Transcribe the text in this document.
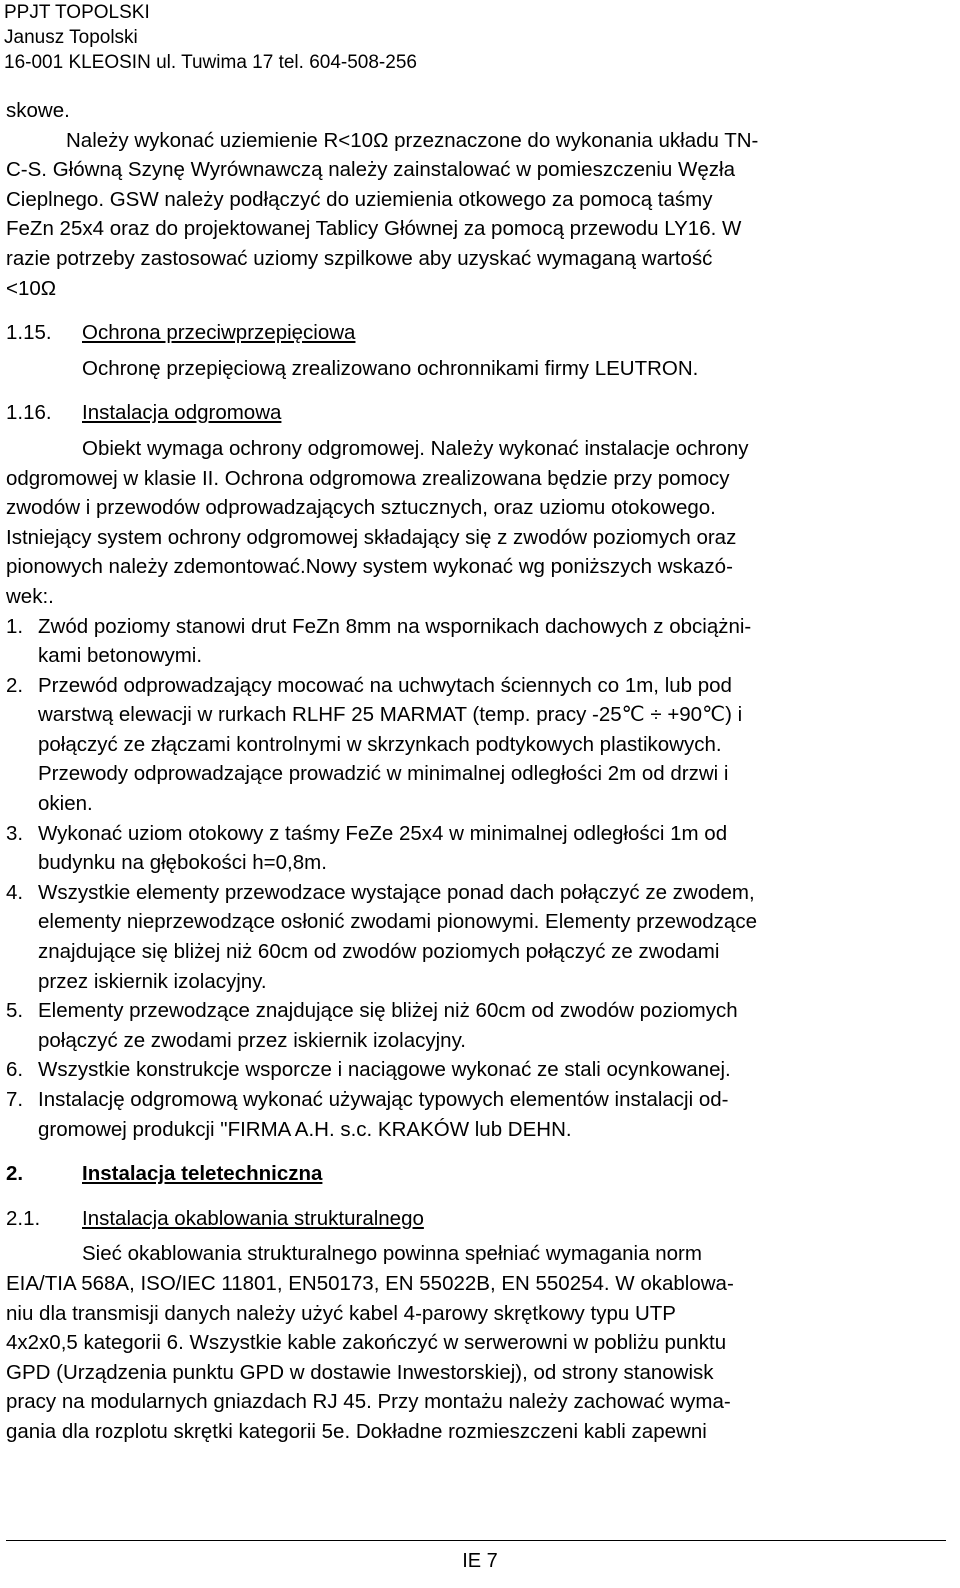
PPJT TOPOLSKI
Janusz Topolski
16-001 KLEOSIN ul. Tuwima 17 tel. 604-508-256
skowe.
Należy wykonać uziemienie R<10Ω przeznaczone do wykonania układu TN-
C-S. Główną Szynę Wyrównawczą należy zainstalować w pomieszczeniu Węzła
Cieplnego. GSW należy podłączyć do uziemienia otkowego za pomocą taśmy
FeZn 25x4 oraz do projektowanej Tablicy Głównej za pomocą przewodu LY16. W
razie potrzeby zastosować uziomy szpilkowe aby uzyskać wymaganą wartość
<10Ω
1.15.	Ochrona przeciwprzepięciowa
Ochronę przepięciową zrealizowano ochronnikami firmy LEUTRON.
1.16.	Instalacja odgromowa
Obiekt wymaga ochrony odgromowej. Należy wykonać instalacje ochrony
odgromowej w klasie II. Ochrona odgromowa zrealizowana będzie przy pomocy
zwodów i przewodów odprowadzających sztucznych, oraz uziomu otokowego.
Istniejący system ochrony odgromowej składający się z zwodów poziomych oraz
pionowych należy zdemontować.Nowy system wykonać wg poniższych wskazó-
wek:.
1. Zwód poziomy stanowi drut FeZn 8mm na wspornikach dachowych z obciążni-
kami betonowymi.
2. Przewód odprowadzający mocować na uchwytach ściennych co 1m, lub pod
warstwą elewacji w rurkach RLHF 25 MARMAT (temp. pracy -25℃ ÷ +90℃) i
połączyć ze złączami kontrolnymi w skrzynkach podtykowych plastikowych.
Przewody odprowadzające prowadzić w minimalnej odległości 2m od drzwi i
okien.
3. Wykonać uziom otokowy z taśmy FeZe 25x4 w minimalnej odległości 1m od
budynku na głębokości h=0,8m.
4. Wszystkie elementy przewodzace wystające ponad dach połączyć ze zwodem,
elementy nieprzewodzące osłonić zwodami pionowymi. Elementy przewodzące
znajdujące się bliżej niż 60cm od zwodów poziomych połączyć ze zwodami
przez iskiernik izolacyjny.
5. Elementy przewodzące znajdujące się bliżej niż 60cm od zwodów poziomych
połączyć ze zwodami przez iskiernik izolacyjny.
6. Wszystkie konstrukcje wsporcze i naciągowe wykonać ze stali ocynkowanej.
7. Instalację odgromową wykonać używając typowych elementów instalacji od-
gromowej produkcji "FIRMA A.H. s.c. KRAKÓW lub DEHN.
2.	Instalacja teletechniczna
2.1.	Instalacja okablowania strukturalnego
Sieć okablowania strukturalnego powinna spełniać wymagania norm
EIA/TIA 568A, ISO/IEC 11801, EN50173, EN 55022B, EN 550254. W okablowa-
niu dla transmisji danych należy użyć kabel 4-parowy skrętkowy typu UTP
4x2x0,5 kategorii 6. Wszystkie kable zakończyć w serwerowni w pobliżu punktu
GPD (Urządzenia punktu GPD w dostawie Inwestorskiej), od strony stanowisk
pracy na modularnych gniazdach RJ 45. Przy montażu należy zachować wyma-
gania dla rozplotu skrętki kategorii 5e. Dokładne rozmieszczeni kabli zapewni
IE 7
